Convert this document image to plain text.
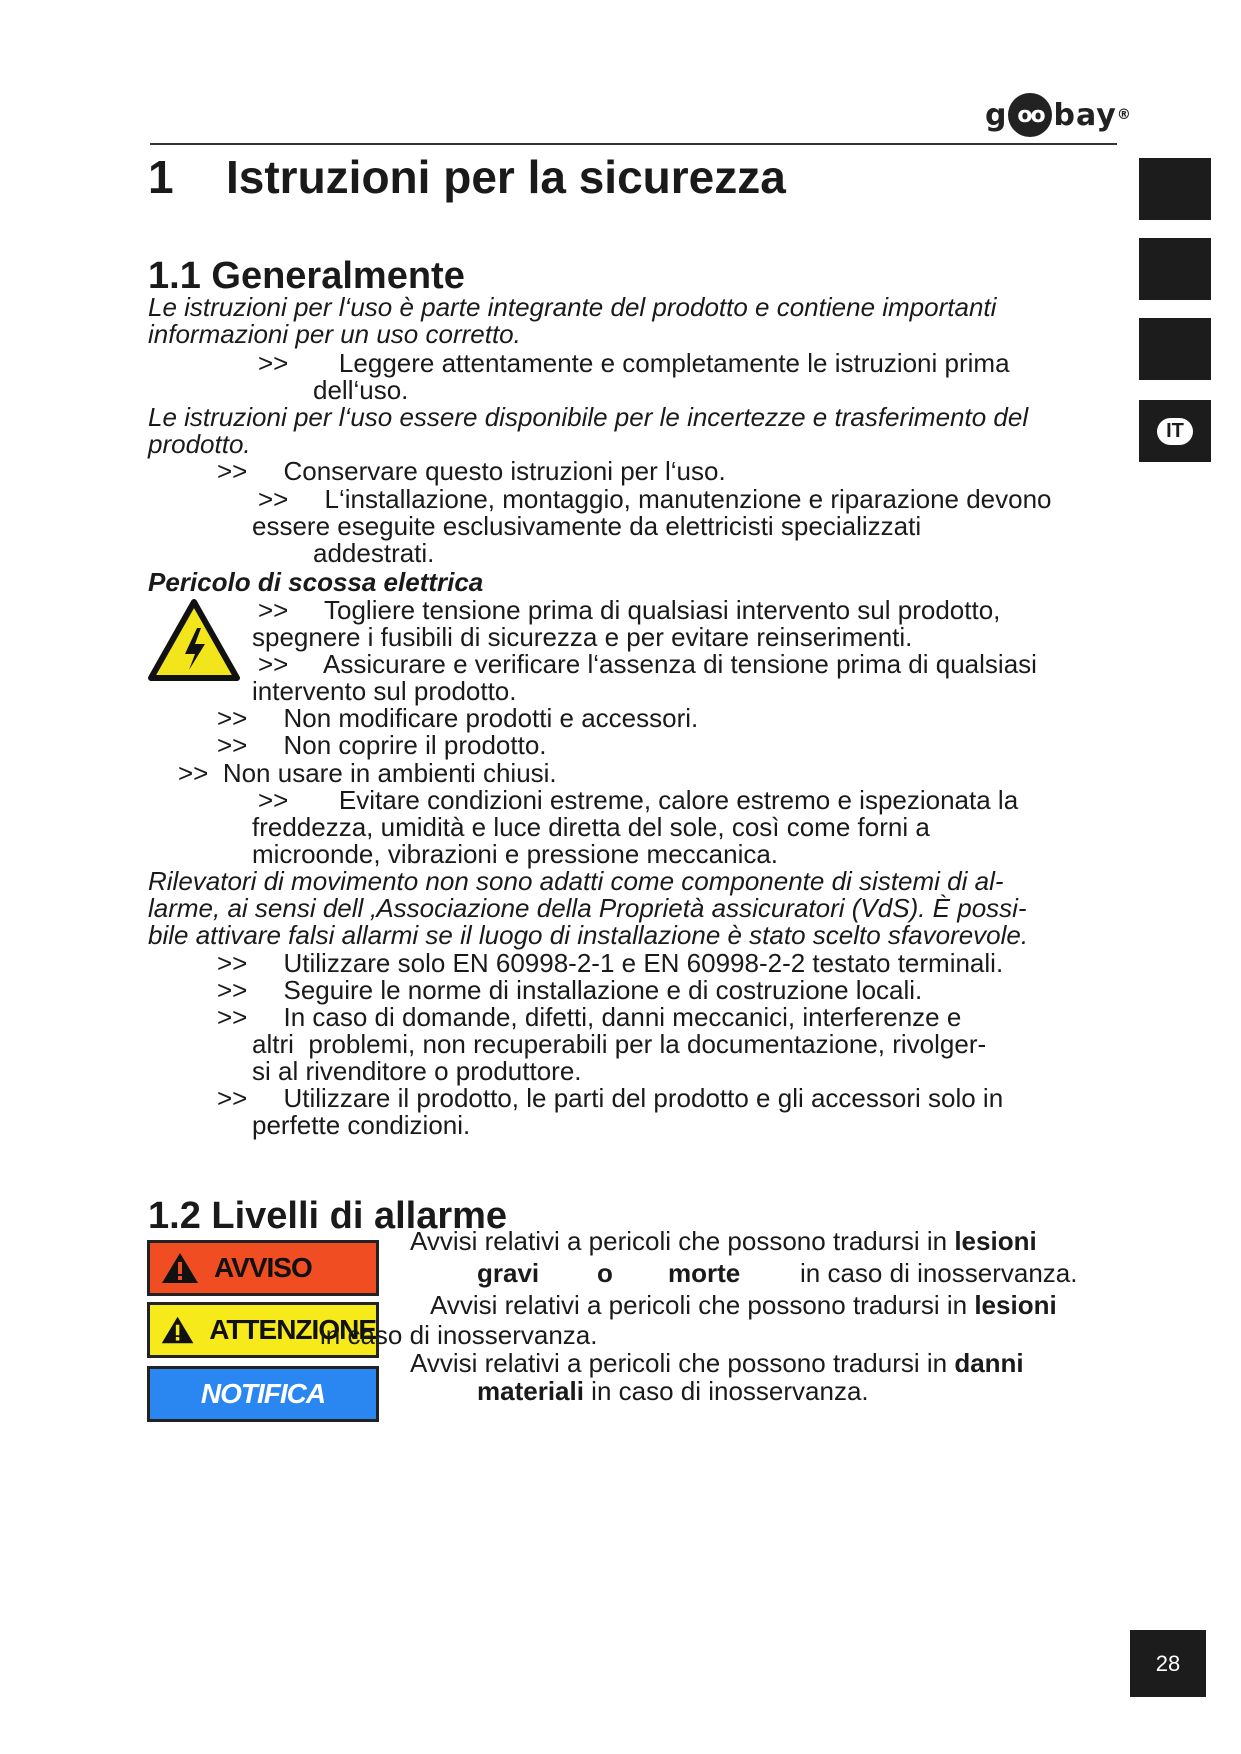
g oo bay ®
IT
1 Istruzioni per la sicurezza
1.1 Generalmente
Le istruzioni per l‘uso è parte integrante del prodotto e contiene importanti
informazioni per un uso corretto.
>>       Leggere attentamente e completamente le istruzioni prima
dell‘uso.
Le istruzioni per l‘uso essere disponibile per le incertezze e trasferimento del
prodotto.
>>     Conservare questo istruzioni per l‘uso.
>>     L‘installazione, montaggio, manutenzione e riparazione devono
essere eseguite esclusivamente da elettricisti specializzati
addestrati.
Pericolo di scossa elettrica
>>     Togliere tensione prima di qualsiasi intervento sul prodotto,
spegnere i fusibili di sicurezza e per evitare reinserimenti.
>>     Assicurare e verificare l‘assenza di tensione prima di qualsiasi
intervento sul prodotto.
>>     Non modificare prodotti e accessori.
>>     Non coprire il prodotto.
>>  Non usare in ambienti chiusi.
>>       Evitare condizioni estreme, calore estremo e ispezionata la
freddezza, umidità e luce diretta del sole, così come forni a
microonde, vibrazioni e pressione meccanica.
Rilevatori di movimento non sono adatti come componente di sistemi di al-
larme, ai sensi dell ‚Associazione della Proprietà assicuratori (VdS). È possi-
bile attivare falsi allarmi se il luogo di installazione è stato scelto sfavorevole.
>>     Utilizzare solo EN 60998-2-1 e EN 60998-2-2 testato terminali.
>>     Seguire le norme di installazione e di costruzione locali.
>>     In caso di domande, difetti, danni meccanici, interferenze e
altri  problemi, non recuperabili per la documentazione, rivolger-
si al rivenditore o produttore.
>>     Utilizzare il prodotto, le parti del prodotto e gli accessori solo in
perfette condizioni.
1.2 Livelli di allarme
AVVISO
ATTENZIONE
NOTIFICA
Avvisi relativi a pericoli che possono tradursi in lesioni
gravi o morte in caso di inosservanza.
Avvisi relativi a pericoli che possono tradursi in lesioni
in caso di inosservanza.
Avvisi relativi a pericoli che possono tradursi in danni
materiali in caso di inosservanza.
28
